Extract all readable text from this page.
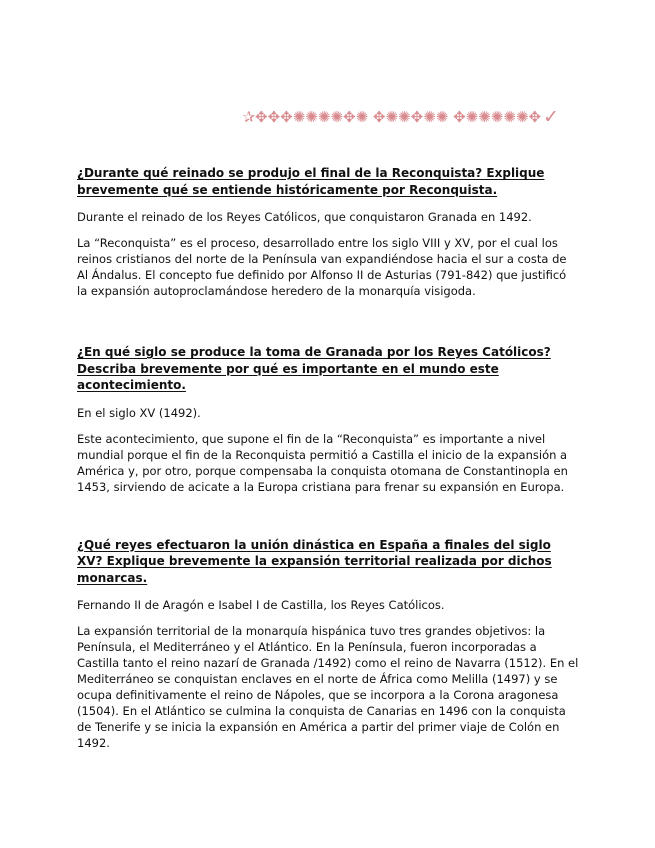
✰✥✥✥✺✺✺✺✥✺ ✥✺✺✥✺✺ ✥✺✺✺✺✺✥ ✓

¿Durante qué reinado se produjo el final de la Reconquista? Explique brevemente qué se entiende históricamente por Reconquista.

Durante el reinado de los Reyes Católicos, que conquistaron Granada en 1492.

La “Reconquista” es el proceso, desarrollado entre los siglo VIII y XV, por el cual los reinos cristianos del norte de la Península van expandiéndose hacia el sur a costa de Al Ándalus. El concepto fue definido por Alfonso II de Asturias (791-842) que justificó la expansión autoproclamándose heredero de la monarquía visigoda.

¿En qué siglo se produce la toma de Granada por los Reyes Católicos? Describa brevemente por qué es importante en el mundo este acontecimiento.

En el siglo XV (1492).

Este acontecimiento, que supone el fin de la “Reconquista” es importante a nivel mundial porque el fin de la Reconquista permitió a Castilla el inicio de la expansión a América y, por otro, porque compensaba la conquista otomana de Constantinopla en 1453, sirviendo de acicate a la Europa cristiana para frenar su expansión en Europa.

¿Qué reyes efectuaron la unión dinástica en España a finales del siglo XV? Explique brevemente la expansión territorial realizada por dichos monarcas.

Fernando II de Aragón e Isabel I de Castilla, los Reyes Católicos.

La expansión territorial de la monarquía hispánica tuvo tres grandes objetivos: la Península, el Mediterráneo y el Atlántico. En la Península, fueron incorporadas a Castilla tanto el reino nazarí de Granada /1492) como el reino de Navarra (1512). En el Mediterráneo se conquistan enclaves en el norte de África como Melilla (1497) y se ocupa definitivamente el reino de Nápoles, que se incorpora a la Corona aragonesa (1504). En el Atlántico se culmina la conquista de Canarias en 1496 con la conquista de Tenerife y se inicia la expansión en América a partir del primer viaje de Colón en 1492.
